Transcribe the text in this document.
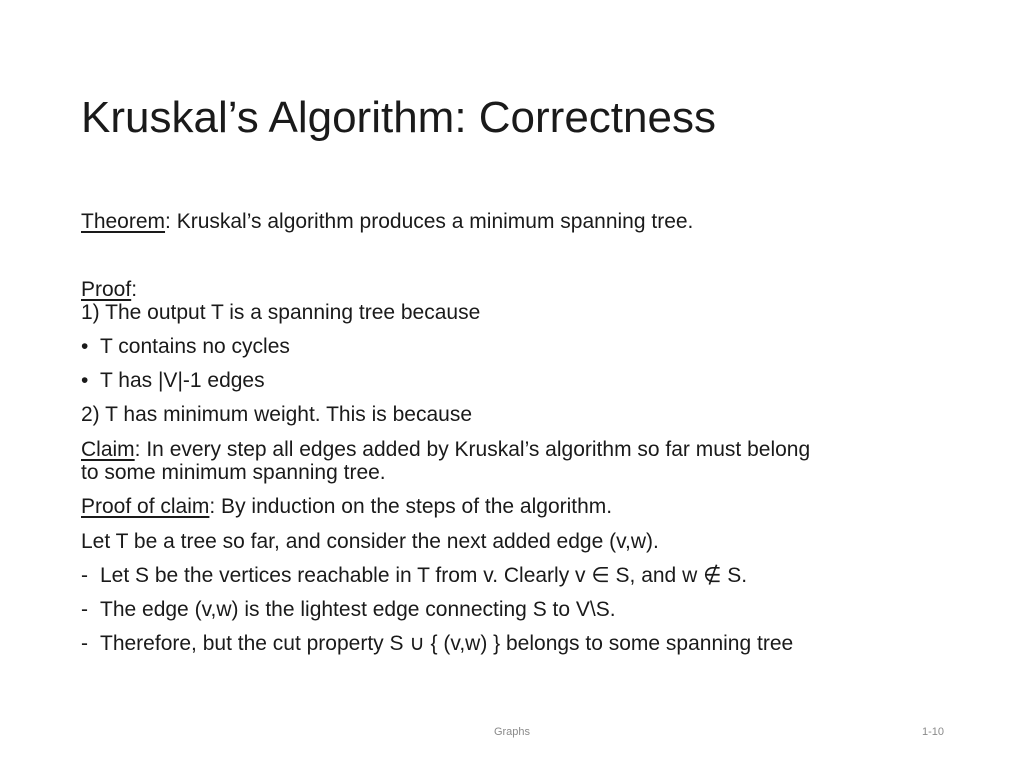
Kruskal’s Algorithm: Correctness
Theorem: Kruskal’s algorithm produces a minimum spanning tree.
Proof:
1) The output T is a spanning tree because
• T contains no cycles
• T has |V|-1 edges
2) T has minimum weight. This is because
Claim: In every step all edges added by Kruskal’s algorithm so far must belong
to some minimum spanning tree.
Proof of claim: By induction on the steps of the algorithm.
Let T be a tree so far, and consider the next added edge (v,w).
- Let S be the vertices reachable in T from v. Clearly v ∈ S, and w ∉ S.
- The edge (v,w) is the lightest edge connecting S to V\S.
- Therefore, but the cut property S ∪ { (v,w) } belongs to some spanning tree
Graphs	1-10
